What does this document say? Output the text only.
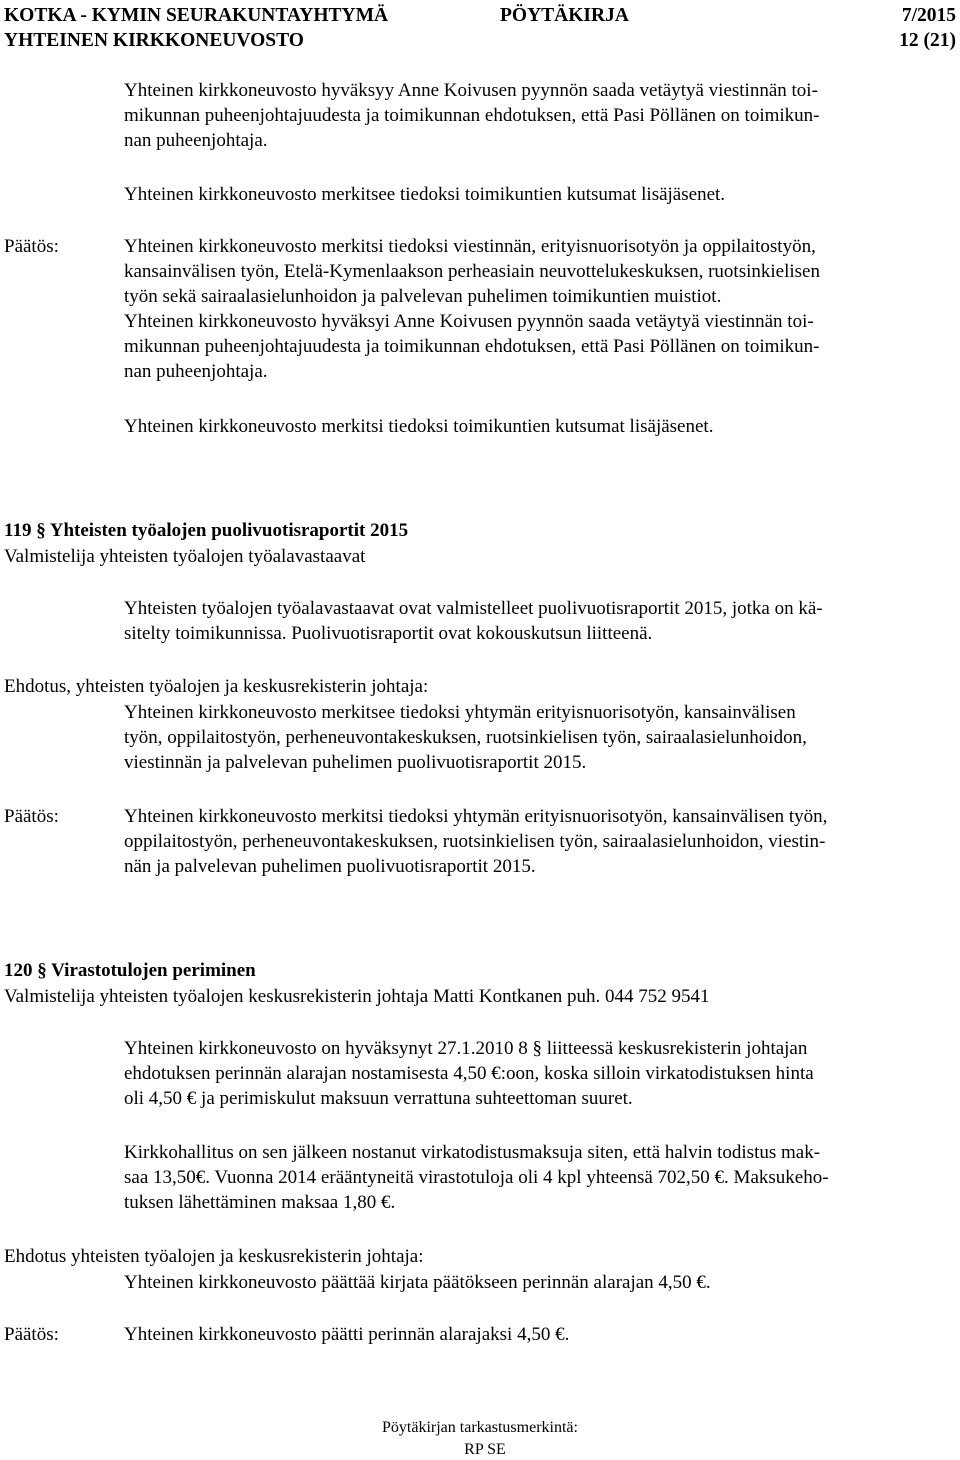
KOTKA - KYMIN SEURAKUNTAYHTYMÄ	PÖYTÄKIRJA	7/2015
YHTEINEN KIRKKONEUVOSTO	12 (21)

Yhteinen kirkkoneuvosto hyväksyy Anne Koivusen pyynnön saada vetäytyä viestinnän toi-

mikunnan puheenjohtajuudesta ja toimikunnan ehdotuksen, että Pasi Pöllänen on toimikun-

nan puheenjohtaja.

Yhteinen kirkkoneuvosto merkitsee tiedoksi toimikuntien kutsumat lisäjäsenet.
Päätös:	Yhteinen kirkkoneuvosto merkitsi tiedoksi viestinnän, erityisnuorisotyön ja oppilaitostyön,

kansainvälisen työn, Etelä-Kymenlaakson perheasiain neuvottelukeskuksen, ruotsinkielisen

työn sekä sairaalasielunhoidon ja palvelevan puhelimen toimikuntien muistiot.

Yhteinen kirkkoneuvosto hyväksyi Anne Koivusen pyynnön saada vetäytyä viestinnän toi-

mikunnan puheenjohtajuudesta ja toimikunnan ehdotuksen, että Pasi Pöllänen on toimikun-

nan puheenjohtaja.

Yhteinen kirkkoneuvosto merkitsi tiedoksi toimikuntien kutsumat lisäjäsenet.
119 § Yhteisten työalojen puolivuotisraportit 2015
Valmistelija yhteisten työalojen työalavastaavat

Yhteisten työalojen työalavastaavat ovat valmistelleet puolivuotisraportit 2015, jotka on kä-

sitelty toimikunnissa. Puolivuotisraportit ovat kokouskutsun liitteenä.

Ehdotus, yhteisten työalojen ja keskusrekisterin johtaja:

Yhteinen kirkkoneuvosto merkitsee tiedoksi yhtymän erityisnuorisotyön, kansainvälisen

työn, oppilaitostyön, perheneuvontakeskuksen, ruotsinkielisen työn, sairaalasielunhoidon,

viestinnän ja palvelevan puhelimen puolivuotisraportit 2015.

Päätös:	Yhteinen kirkkoneuvosto merkitsi tiedoksi yhtymän erityisnuorisotyön, kansainvälisen työn,

oppilaitostyön, perheneuvontakeskuksen, ruotsinkielisen työn, sairaalasielunhoidon, viestin-

nän ja palvelevan puhelimen puolivuotisraportit 2015.

120 § Virastotulojen periminen
Valmistelija yhteisten työalojen keskusrekisterin johtaja Matti Kontkanen puh. 044 752 9541

Yhteinen kirkkoneuvosto on hyväksynyt 27.1.2010 8 § liitteessä keskusrekisterin johtajan

ehdotuksen perinnän alarajan nostamisesta 4,50 €:oon, koska silloin virkatodistuksen hinta

oli 4,50 € ja perimiskulut maksuun verrattuna suhteettoman suuret.

Kirkkohallitus on sen jälkeen nostanut virkatodistusmaksuja siten, että halvin todistus mak-

saa 13,50€. Vuonna 2014 erääntyneitä virastotuloja oli 4 kpl yhteensä 702,50 €. Maksukeho-

tuksen lähettäminen maksaa 1,80 €.

Ehdotus yhteisten työalojen ja keskusrekisterin johtaja:
Yhteinen kirkkoneuvosto päättää kirjata päätökseen perinnän alarajan 4,50 €.
Päätös:	Yhteinen kirkkoneuvosto päätti perinnän alarajaksi 4,50 €.
Pöytäkirjan tarkastusmerkintä:
RP SE
